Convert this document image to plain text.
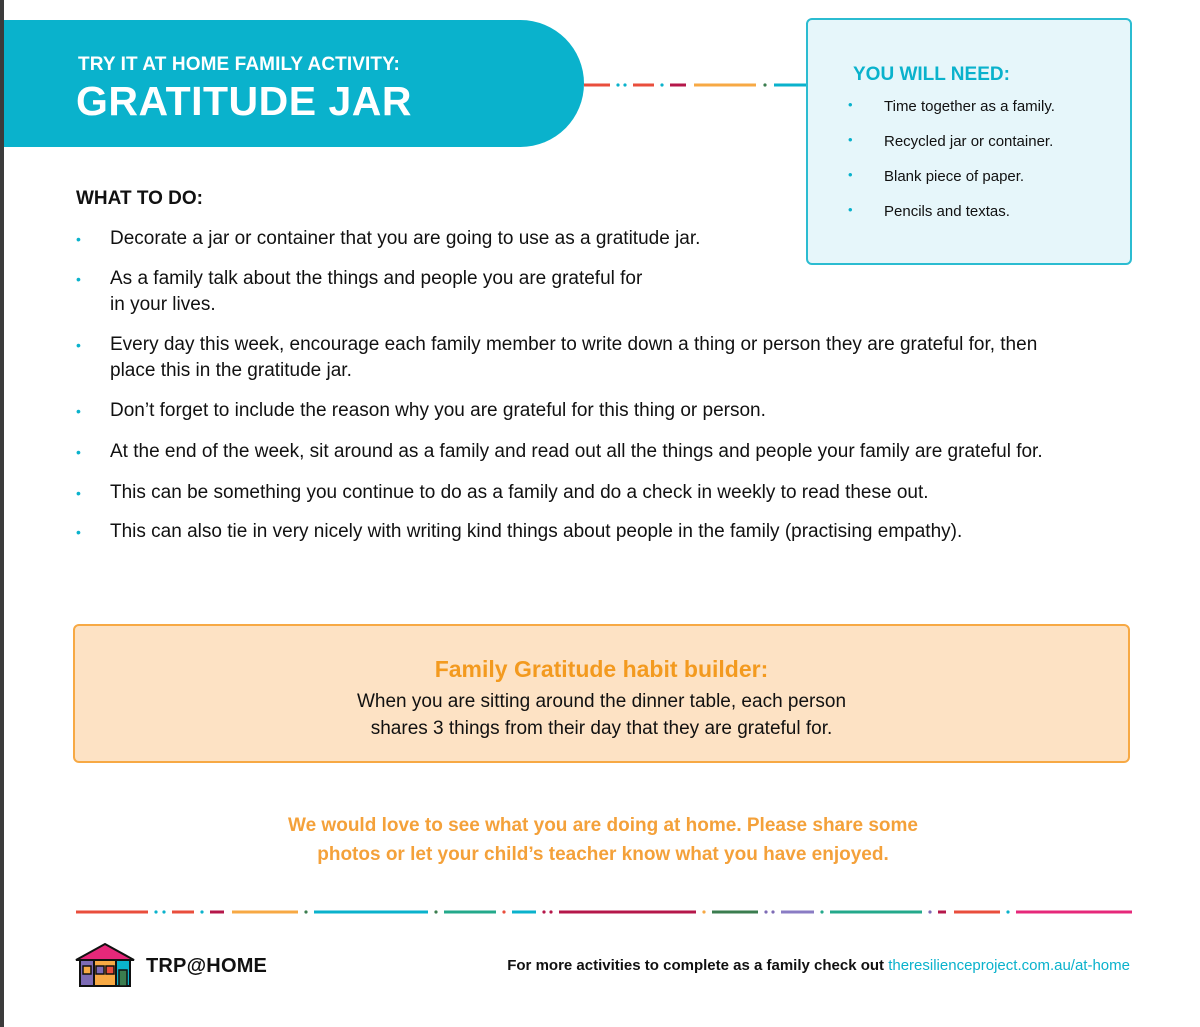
TRY IT AT HOME FAMILY ACTIVITY:
GRATITUDE JAR
YOU WILL NEED:
• Time together as a family.
• Recycled jar or container.
• Blank piece of paper.
• Pencils and textas.
WHAT TO DO:
• Decorate a jar or container that you are going to use as a gratitude jar.
• As a family talk about the things and people you are grateful for
in your lives.
• Every day this week, encourage each family member to write down a thing or person they are grateful for, then
place this in the gratitude jar.
• Don’t forget to include the reason why you are grateful for this thing or person.
• At the end of the week, sit around as a family and read out all the things and people your family are grateful for.
• This can be something you continue to do as a family and do a check in weekly to read these out.
• This can also tie in very nicely with writing kind things about people in the family (practising empathy).
Family Gratitude habit builder:
When you are sitting around the dinner table, each person
shares 3 things from their day that they are grateful for.
We would love to see what you are doing at home. Please share some
photos or let your child’s teacher know what you have enjoyed.
TRP@HOME	For more activities to complete as a family check out theresilienceproject.com.au/at-home
